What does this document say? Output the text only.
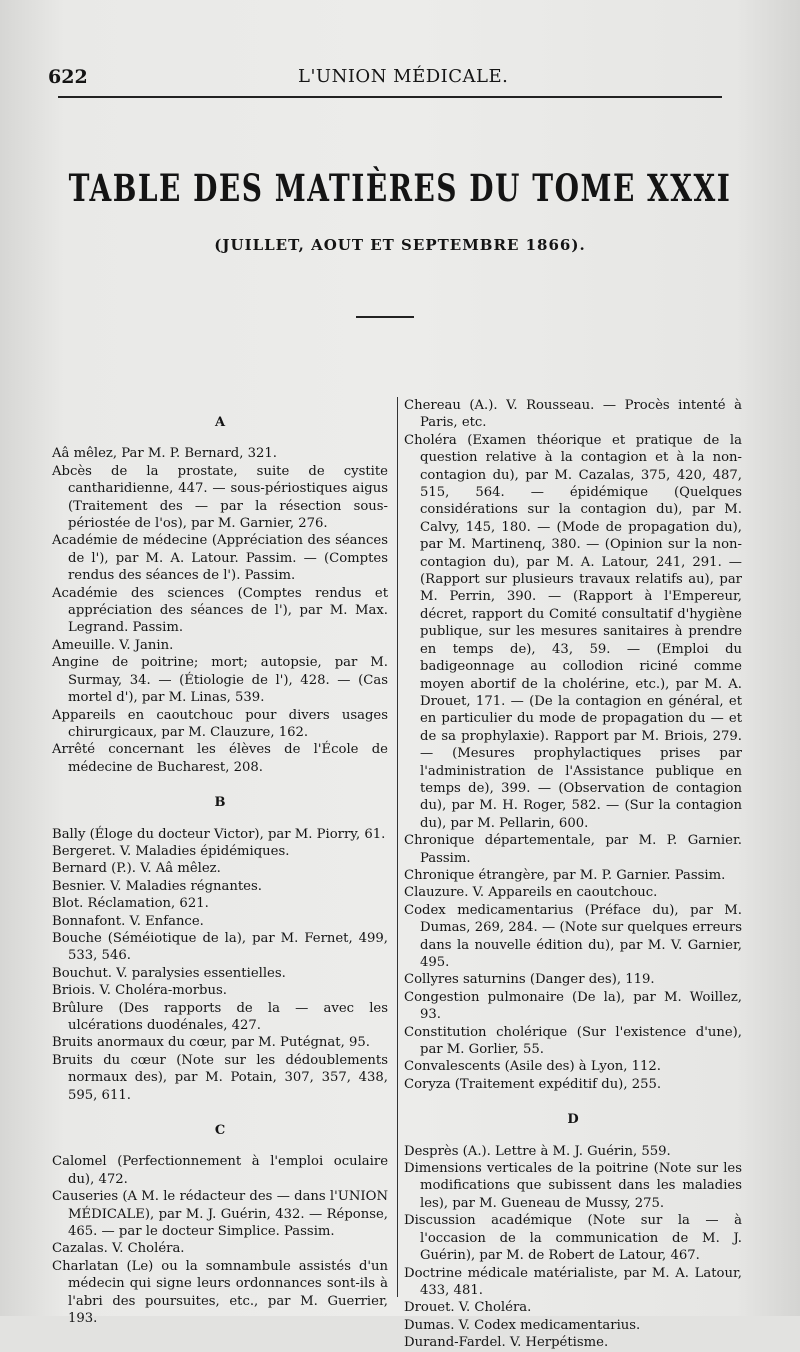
622	L'UNION MÉDICALE.
TABLE DES MATIÈRES DU TOME XXXI
(JUILLET, AOUT ET SEPTEMBRE 1866).
A
Aâ mêlez, Par M. P. Bernard, 321.
Abcès de la prostate, suite de cystite cantharidienne, 447. — sous-périostiques aigus (Traitement des — par la résection sous-périostée de l'os), par M. Garnier, 276.
Académie de médecine (Appréciation des séances de l'), par M. A. Latour. Passim. — (Comptes rendus des séances de l'). Passim.
Académie des sciences (Comptes rendus et appréciation des séances de l'), par M. Max. Legrand. Passim.
Ameuille. V. Janin.
Angine de poitrine; mort; autopsie, par M. Surmay, 34. — (Étiologie de l'), 428. — (Cas mortel d'), par M. Linas, 539.
Appareils en caoutchouc pour divers usages chirurgicaux, par M. Clauzure, 162.
Arrêté concernant les élèves de l'École de médecine de Bucharest, 208.
B
Bally (Éloge du docteur Victor), par M. Piorry, 61.
Bergeret. V. Maladies épidémiques.
Bernard (P.). V. Aâ mêlez.
Besnier. V. Maladies régnantes.
Blot. Réclamation, 621.
Bonnafont. V. Enfance.
Bouche (Séméiotique de la), par M. Fernet, 499, 533, 546.
Bouchut. V. paralysies essentielles.
Briois. V. Choléra-morbus.
Brûlure (Des rapports de la — avec les ulcérations duodénales, 427.
Bruits anormaux du cœur, par M. Putégnat, 95.
Bruits du cœur (Note sur les dédoublements normaux des), par M. Potain, 307, 357, 438, 595, 611.
C
Calomel (Perfectionnement à l'emploi oculaire du), 472.
Causeries (A M. le rédacteur des — dans l'UNION MÉDICALE), par M. J. Guérin, 432. — Réponse, 465. — par le docteur Simplice. Passim.
Cazalas. V. Choléra.
Charlatan (Le) ou la somnambule assistés d'un médecin qui signe leurs ordonnances sont-ils à l'abri des poursuites, etc., par M. Guerrier, 193.
Chereau (A.). V. Rousseau. — Procès intenté à Paris, etc.
Choléra (Examen théorique et pratique de la question relative à la contagion et à la non-contagion du), par M. Cazalas, 375, 420, 487, 515, 564. — épidémique (Quelques considérations sur la contagion du), par M. Calvy, 145, 180. — (Mode de propagation du), par M. Martinenq, 380. — (Opinion sur la non-contagion du), par M. A. Latour, 241, 291. — (Rapport sur plusieurs travaux relatifs au), par M. Perrin, 390. — (Rapport à l'Empereur, décret, rapport du Comité consultatif d'hygiène publique, sur les mesures sanitaires à prendre en temps de), 43, 59. — (Emploi du badigeonnage au collodion riciné comme moyen abortif de la cholérine, etc.), par M. A. Drouet, 171. — (De la contagion en général, et en particulier du mode de propagation du — et de sa prophylaxie). Rapport par M. Briois, 279. — (Mesures prophylactiques prises par l'administration de l'Assistance publique en temps de), 399. — (Observation de contagion du), par M. H. Roger, 582. — (Sur la contagion du), par M. Pellarin, 600.
Chronique départementale, par M. P. Garnier. Passim.
Chronique étrangère, par M. P. Garnier. Passim.
Clauzure. V. Appareils en caoutchouc.
Codex medicamentarius (Préface du), par M. Dumas, 269, 284. — (Note sur quelques erreurs dans la nouvelle édition du), par M. V. Garnier, 495.
Collyres saturnins (Danger des), 119.
Congestion pulmonaire (De la), par M. Woillez, 93.
Constitution cholérique (Sur l'existence d'une), par M. Gorlier, 55.
Convalescents (Asile des) à Lyon, 112.
Coryza (Traitement expéditif du), 255.
D
Desprès (A.). Lettre à M. J. Guérin, 559.
Dimensions verticales de la poitrine (Note sur les modifications que subissent dans les maladies les), par M. Gueneau de Mussy, 275.
Discussion académique (Note sur la — à l'occasion de la communication de M. J. Guérin), par M. de Robert de Latour, 467.
Doctrine médicale matérialiste, par M. A. Latour, 433, 481.
Drouet. V. Choléra.
Dumas. V. Codex medicamentarius.
Durand-Fardel. V. Herpétisme.
